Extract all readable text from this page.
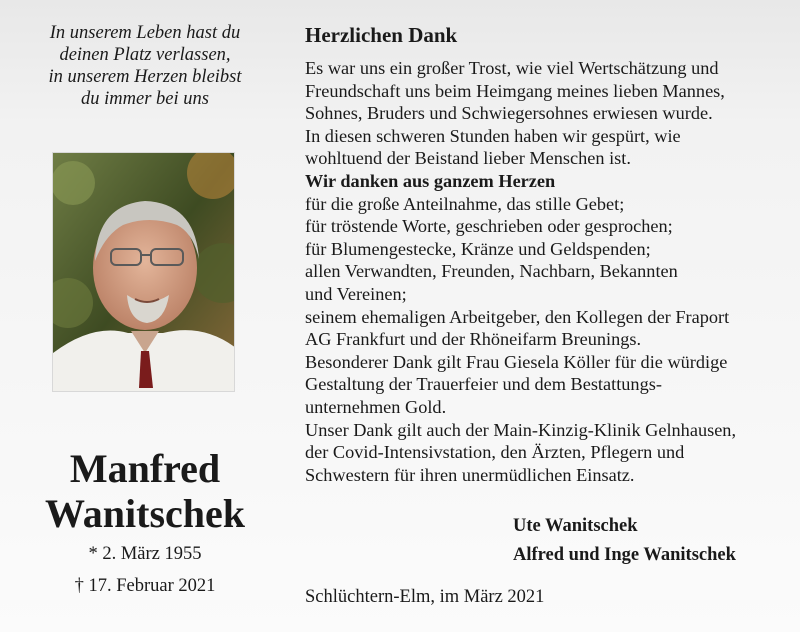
In unserem Leben hast du
deinen Platz verlassen,
in unserem Herzen bleibst
du immer bei uns
Manfred
Wanitschek
* 2. März 1955
† 17. Februar 2021
Herzlichen Dank
Es war uns ein großer Trost, wie viel Wertschätzung und
Freundschaft uns beim Heimgang meines lieben Mannes,
Sohnes, Bruders und Schwiegersohnes erwiesen wurde.
In diesen schweren Stunden haben wir gespürt, wie
wohltuend der Beistand lieber Menschen ist.
Wir danken aus ganzem Herzen
für die große Anteilnahme, das stille Gebet;
für tröstende Worte, geschrieben oder gesprochen;
für Blumengestecke, Kränze und Geldspenden;
allen Verwandten, Freunden, Nachbarn, Bekannten
und Vereinen;
seinem ehemaligen Arbeitgeber, den Kollegen der Fraport
AG Frankfurt und der Rhöneifarm Breunings.
Besonderer Dank gilt Frau Giesela Köller für die würdige
Gestaltung der Trauerfeier und dem Bestattungs-
unternehmen Gold.
Unser Dank gilt auch der Main-Kinzig-Klinik Gelnhausen,
der Covid-Intensivstation, den Ärzten, Pflegern und
Schwestern für ihren unermüdlichen Einsatz.
Ute Wanitschek
Alfred und Inge Wanitschek
Schlüchtern-Elm, im März 2021
